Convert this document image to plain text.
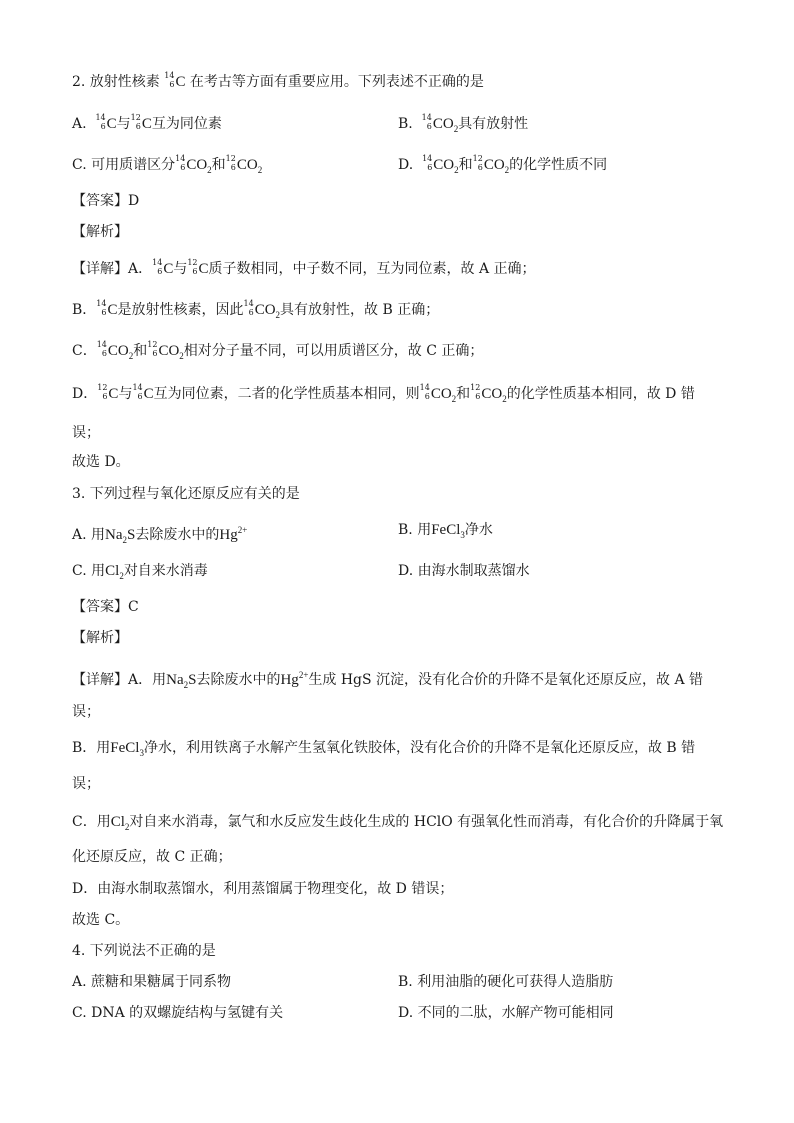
2. 放射性核素 14
6 C 在考古等方面有重要应用。下列表述不正确的是
A. 14
6 C与 12
6 C互为同位素	B. 14
6 $CO_2$具有放射性
C. 可用质谱区分 14
6 $CO_2$和 12
6 $CO_2$	D. 14
6 $CO_2$和 12
6 $CO_2$的化学性质不同
【答案】D
【解析】
【详解】A． 14
6 C与 12
6 C质子数相同，中子数不同，互为同位素，故 A 正确；
B． 14
6 C是放射性核素，因此 14
6 $CO_2$具有放射性，故 B 正确；
C． 14
6 $CO_2$和 12
6 $CO_2$相对分子量不同，可以用质谱区分，故 C 正确；
D． 12
6 C与 14
6 C互为同位素，二者的化学性质基本相同，则 14
6 $CO_2$和 12
6 $CO_2$的化学性质基本相同，故 D 错
误；
故选 D。
3. 下列过程与氧化还原反应有关的是
A. 用$Na_2S$去除废水中的$Hg^{2+}$	B. 用FeCl$_3$净水
C. 用$Cl_2$对自来水消毒	D. 由海水制取蒸馏水
【答案】C
【解析】
【详解】A．用$Na_2S$去除废水中的$Hg^{2+}$生成 HgS 沉淀，没有化合价的升降不是氧化还原反应，故 A 错
误；
B．用FeCl$_3$净水，利用铁离子水解产生氢氧化铁胶体，没有化合价的升降不是氧化还原反应，故 B 错
误；
C．用$Cl_2$对自来水消毒，氯气和水反应发生歧化生成的 HClO 有强氧化性而消毒，有化合价的升降属于氧
化还原反应，故 C 正确；
D．由海水制取蒸馏水，利用蒸馏属于物理变化，故 D 错误；
故选 C。
4. 下列说法不正确的是
A. 蔗糖和果糖属于同系物	B. 利用油脂的硬化可获得人造脂肪
C. DNA 的双螺旋结构与氢键有关	D. 不同的二肽，水解产物可能相同
